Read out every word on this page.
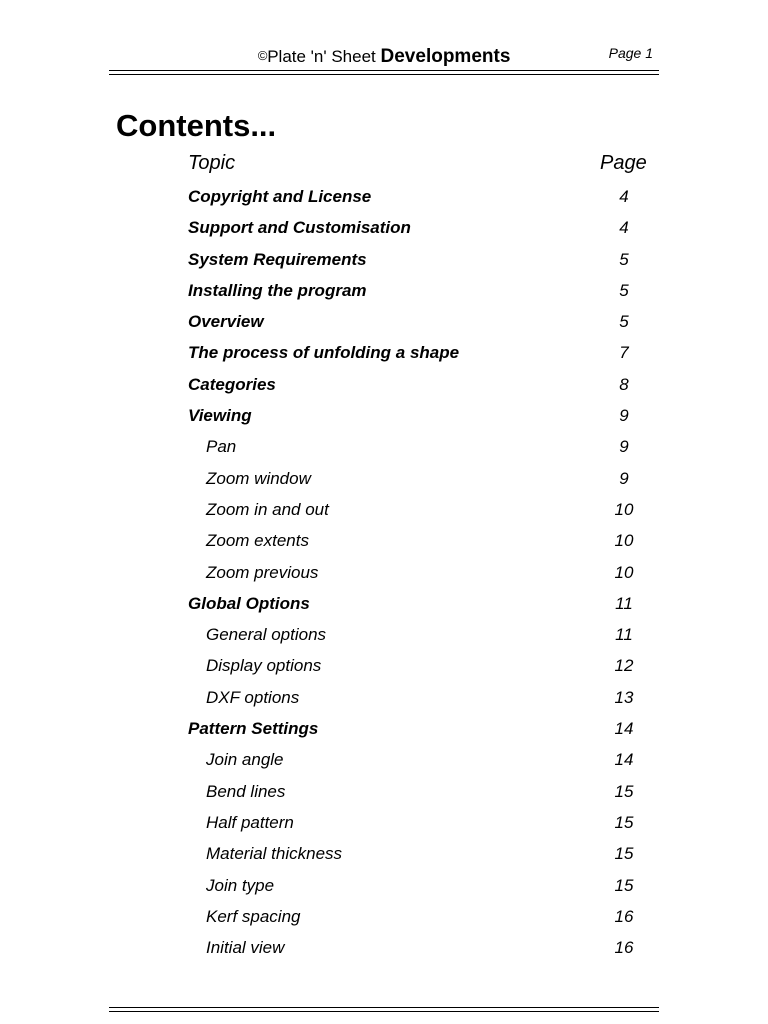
©Plate 'n' Sheet Developments	Page 1
Contents...
Topic	Page
Copyright and License	4
Support and Customisation	4
System Requirements	5
Installing the program	5
Overview	5
The process of unfolding a shape	7
Categories	8
Viewing	9
Pan	9
Zoom window	9
Zoom in and out	10
Zoom extents	10
Zoom previous	10
Global Options	11
General options	11
Display options	12
DXF options	13
Pattern Settings	14
Join angle	14
Bend lines	15
Half pattern	15
Material thickness	15
Join type	15
Kerf spacing	16
Initial view	16
